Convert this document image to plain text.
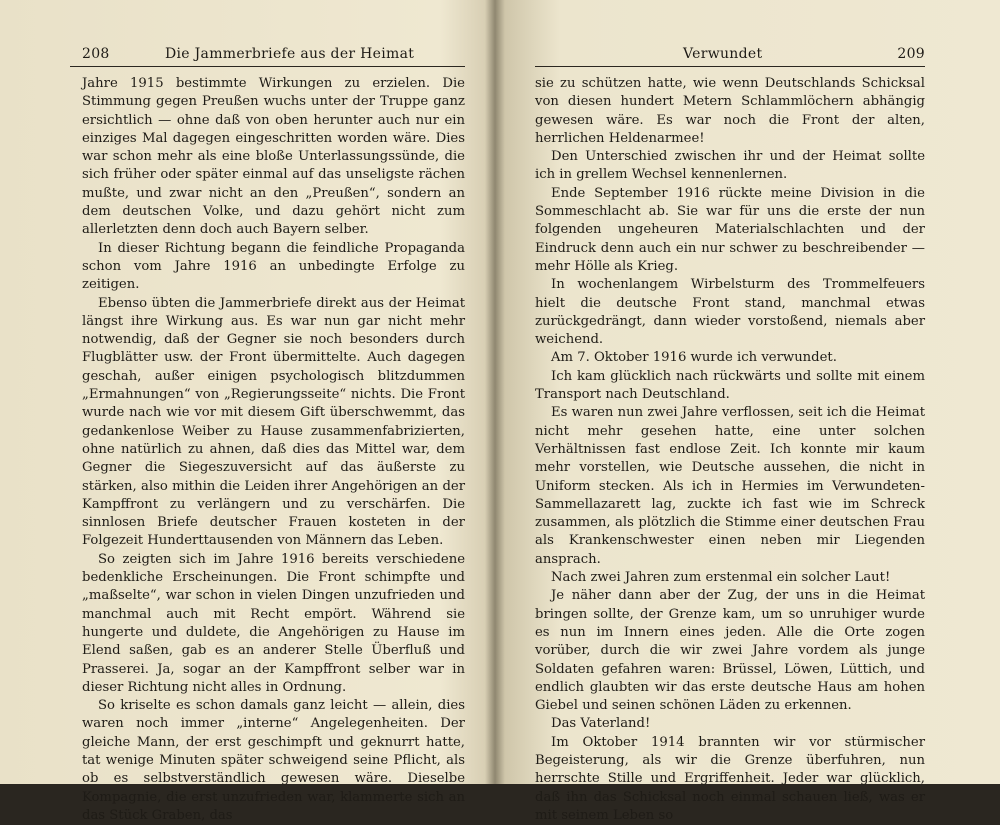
208	Die Jammerbriefe aus der Heimat

Jahre 1915 bestimmte Wirkungen zu erzielen. Die Stimmung gegen Preußen wuchs unter der Truppe ganz ersichtlich — ohne daß von oben herunter auch nur ein einziges Mal dagegen eingeschritten worden wäre. Dies war schon mehr als eine bloße Unterlassungssünde, die sich früher oder später einmal auf das unseligste rächen mußte, und zwar nicht an den „Preußen“, sondern an dem deutschen Volke, und dazu gehört nicht zum allerletzten denn doch auch Bayern selber.

In dieser Richtung begann die feindliche Propaganda schon vom Jahre 1916 an unbedingte Erfolge zu zeitigen.

Ebenso übten die Jammerbriefe direkt aus der Heimat längst ihre Wirkung aus. Es war nun gar nicht mehr notwendig, daß der Gegner sie noch besonders durch Flugblätter usw. der Front übermittelte. Auch dagegen geschah, außer einigen psychologisch blitzdummen „Ermahnungen“ von „Regierungsseite“ nichts. Die Front wurde nach wie vor mit diesem Gift überschwemmt, das gedankenlose Weiber zu Hause zusammenfabrizierten, ohne natürlich zu ahnen, daß dies das Mittel war, dem Gegner die Siegeszuversicht auf das äußerste zu stärken, also mithin die Leiden ihrer Angehörigen an der Kampffront zu verlängern und zu verschärfen. Die sinnlosen Briefe deutscher Frauen kosteten in der Folgezeit Hunderttausenden von Männern das Leben.

So zeigten sich im Jahre 1916 bereits verschiedene bedenkliche Erscheinungen. Die Front schimpfte und „maßselte“, war schon in vielen Dingen unzufrieden und manchmal auch mit Recht empört. Während sie hungerte und duldete, die Angehörigen zu Hause im Elend saßen, gab es an anderer Stelle Überfluß und Prasserei. Ja, sogar an der Kampffront selber war in dieser Richtung nicht alles in Ordnung.

So kriselte es schon damals ganz leicht — allein, dies waren noch immer „interne“ Angelegenheiten. Der gleiche Mann, der erst geschimpft und geknurrt hatte, tat wenige Minuten später schweigend seine Pflicht, als ob es selbstverständlich gewesen wäre. Dieselbe Kompagnie, die erst unzufrieden war, klammerte sich an das Stück Graben, das

Verwundet	209

sie zu schützen hatte, wie wenn Deutschlands Schicksal von diesen hundert Metern Schlammlöchern abhängig gewesen wäre. Es war noch die Front der alten, herrlichen Heldenarmee!

Den Unterschied zwischen ihr und der Heimat sollte ich in grellem Wechsel kennenlernen.

Ende September 1916 rückte meine Division in die Sommeschlacht ab. Sie war für uns die erste der nun folgenden ungeheuren Materialschlachten und der Eindruck denn auch ein nur schwer zu beschreibender — mehr Hölle als Krieg.

In wochenlangem Wirbelsturm des Trommelfeuers hielt die deutsche Front stand, manchmal etwas zurückgedrängt, dann wieder vorstoßend, niemals aber weichend.

Am 7. Oktober 1916 wurde ich verwundet.

Ich kam glücklich nach rückwärts und sollte mit einem Transport nach Deutschland.

Es waren nun zwei Jahre verflossen, seit ich die Heimat nicht mehr gesehen hatte, eine unter solchen Verhältnissen fast endlose Zeit. Ich konnte mir kaum mehr vorstellen, wie Deutsche aussehen, die nicht in Uniform stecken. Als ich in Hermies im Verwundeten-Sammellazarett lag, zuckte ich fast wie im Schreck zusammen, als plötzlich die Stimme einer deutschen Frau als Krankenschwester einen neben mir Liegenden ansprach.

Nach zwei Jahren zum erstenmal ein solcher Laut!

Je näher dann aber der Zug, der uns in die Heimat bringen sollte, der Grenze kam, um so unruhiger wurde es nun im Innern eines jeden. Alle die Orte zogen vorüber, durch die wir zwei Jahre vordem als junge Soldaten gefahren waren: Brüssel, Löwen, Lüttich, und endlich glaubten wir das erste deutsche Haus am hohen Giebel und seinen schönen Läden zu erkennen.

Das Vaterland!

Im Oktober 1914 brannten wir vor stürmischer Begeisterung, als wir die Grenze überfuhren, nun herrschte Stille und Ergriffenheit. Jeder war glücklich, daß ihn das Schicksal noch einmal schauen ließ, was er mit seinem Leben so
